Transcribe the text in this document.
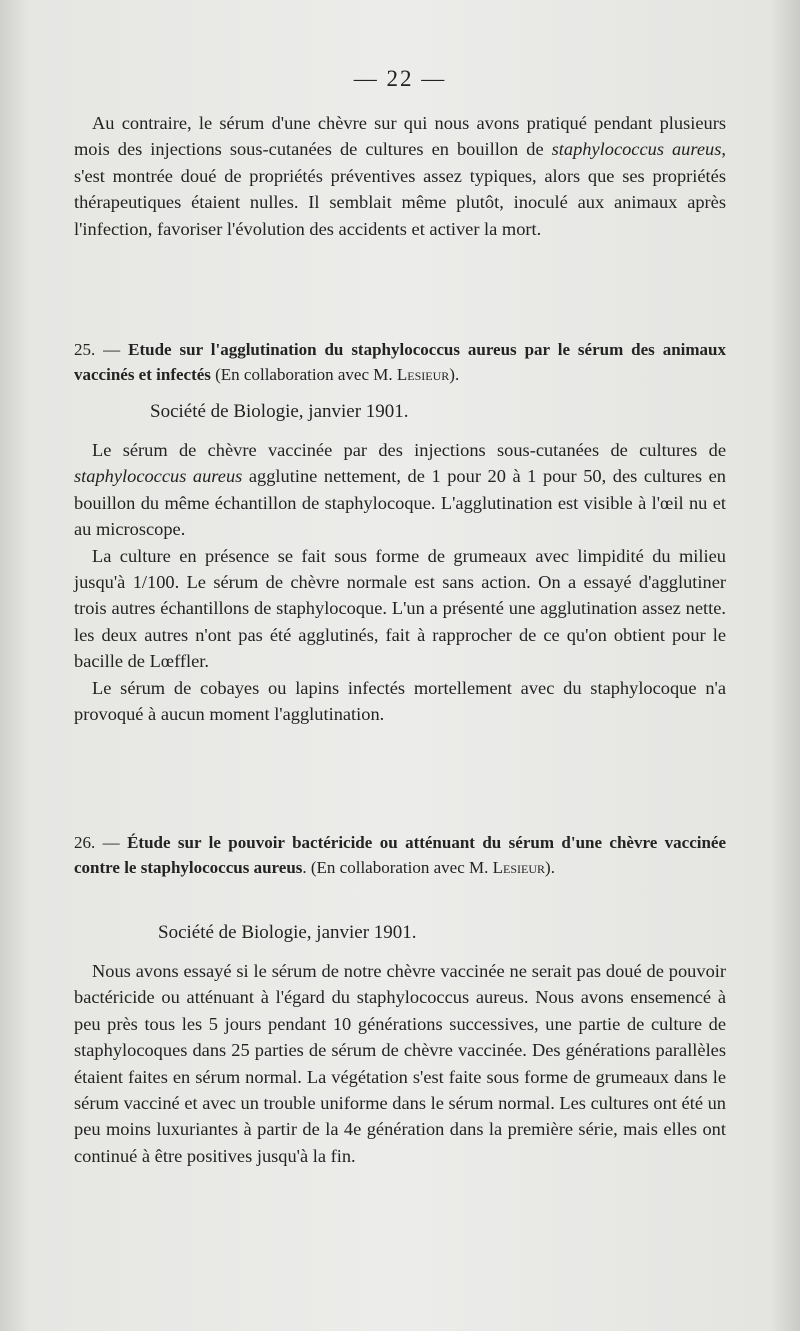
— 22 —

Au contraire, le sérum d'une chèvre sur qui nous avons pratiqué pendant plusieurs mois des injections sous-cutanées de cultures en bouillon de staphylococcus aureus, s'est montrée doué de propriétés préventives assez typiques, alors que ses propriétés thérapeutiques étaient nulles. Il semblait même plutôt, inoculé aux animaux après l'infection, favoriser l'évolution des accidents et activer la mort.

25. — Etude sur l'agglutination du staphylococcus aureus par le sérum des animaux vaccinés et infectés (En collaboration avec M. Lesieur).
Société de Biologie, janvier 1901.

Le sérum de chèvre vaccinée par des injections sous-cutanées de cultures de staphylococcus aureus agglutine nettement, de 1 pour 20 à 1 pour 50, des cultures en bouillon du même échantillon de staphylocoque. L'agglutination est visible à l'œil nu et au microscope.

La culture en présence se fait sous forme de grumeaux avec limpidité du milieu jusqu'à 1/100. Le sérum de chèvre normale est sans action. On a essayé d'agglutiner trois autres échantillons de staphylocoque. L'un a présenté une agglutination assez nette. les deux autres n'ont pas été agglutinés, fait à rapprocher de ce qu'on obtient pour le bacille de Lœffler.

Le sérum de cobayes ou lapins infectés mortellement avec du staphylocoque n'a provoqué à aucun moment l'agglutination.

26. — Étude sur le pouvoir bactéricide ou atténuant du sérum d'une chèvre vaccinée contre le staphylococcus aureus. (En collaboration avec M. Lesieur).
Société de Biologie, janvier 1901.

Nous avons essayé si le sérum de notre chèvre vaccinée ne serait pas doué de pouvoir bactéricide ou atténuant à l'égard du staphylococcus aureus. Nous avons ensemencé à peu près tous les 5 jours pendant 10 générations successives, une partie de culture de staphylocoques dans 25 parties de sérum de chèvre vaccinée. Des générations parallèles étaient faites en sérum normal. La végétation s'est faite sous forme de grumeaux dans le sérum vacciné et avec un trouble uniforme dans le sérum normal. Les cultures ont été un peu moins luxuriantes à partir de la 4e génération dans la première série, mais elles ont continué à être positives jusqu'à la fin.
